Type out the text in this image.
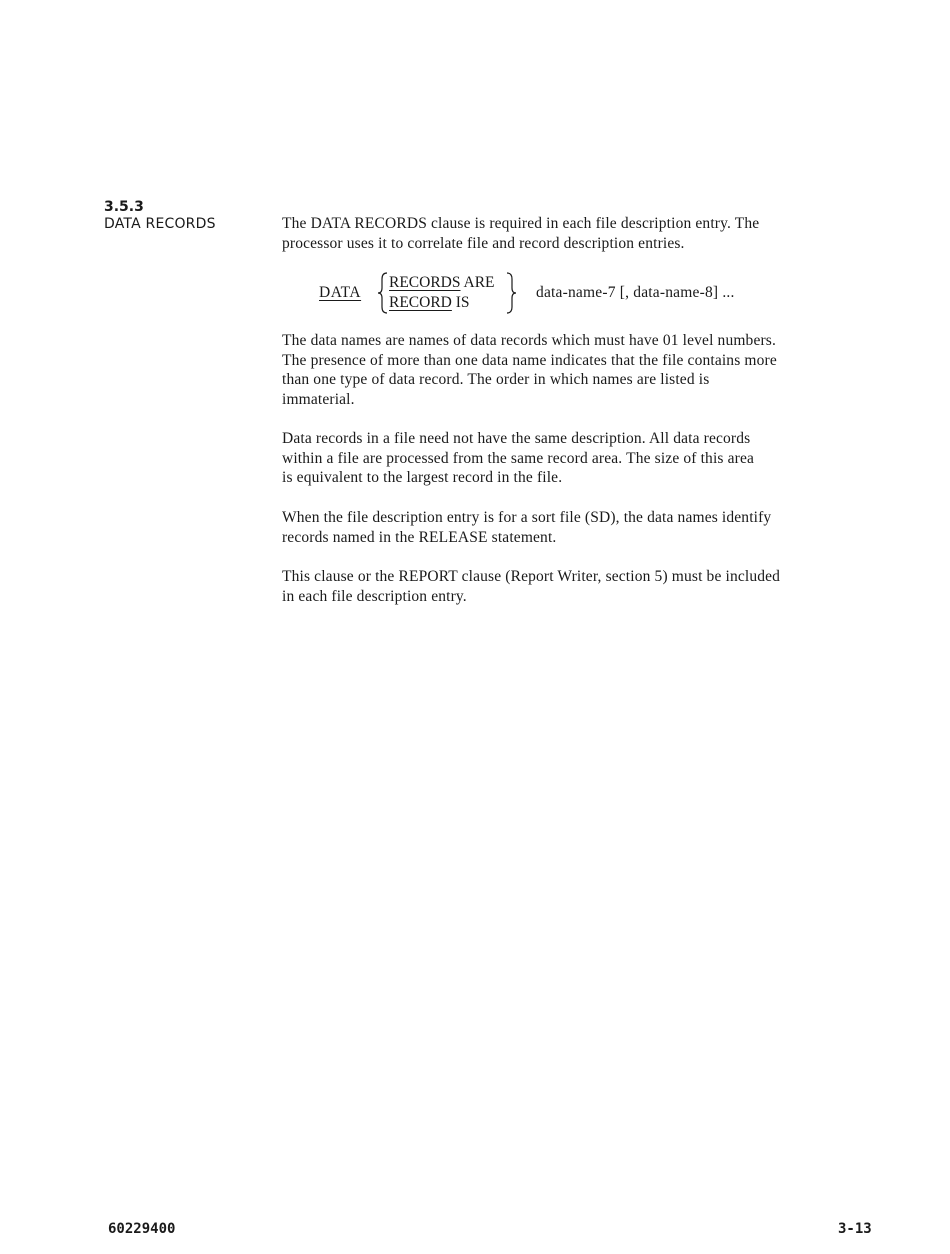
3.5.3
DATA RECORDS	The DATA RECORDS clause is required in each file description entry. The
processor uses it to correlate file and record description entries.
DATA
RECORDS ARE
RECORD IS
data-name-7 [, data-name-8] ...
The data names are names of data records which must have 01 level numbers.
The presence of more than one data name indicates that the file contains more
than one type of data record. The order in which names are listed is
immaterial.
Data records in a file need not have the same description. All data records
within a file are processed from the same record area. The size of this area
is equivalent to the largest record in the file.
When the file description entry is for a sort file (SD), the data names identify
records named in the RELEASE statement.
This clause or the REPORT clause (Report Writer, section 5) must be included
in each file description entry.
60229400	3-13
